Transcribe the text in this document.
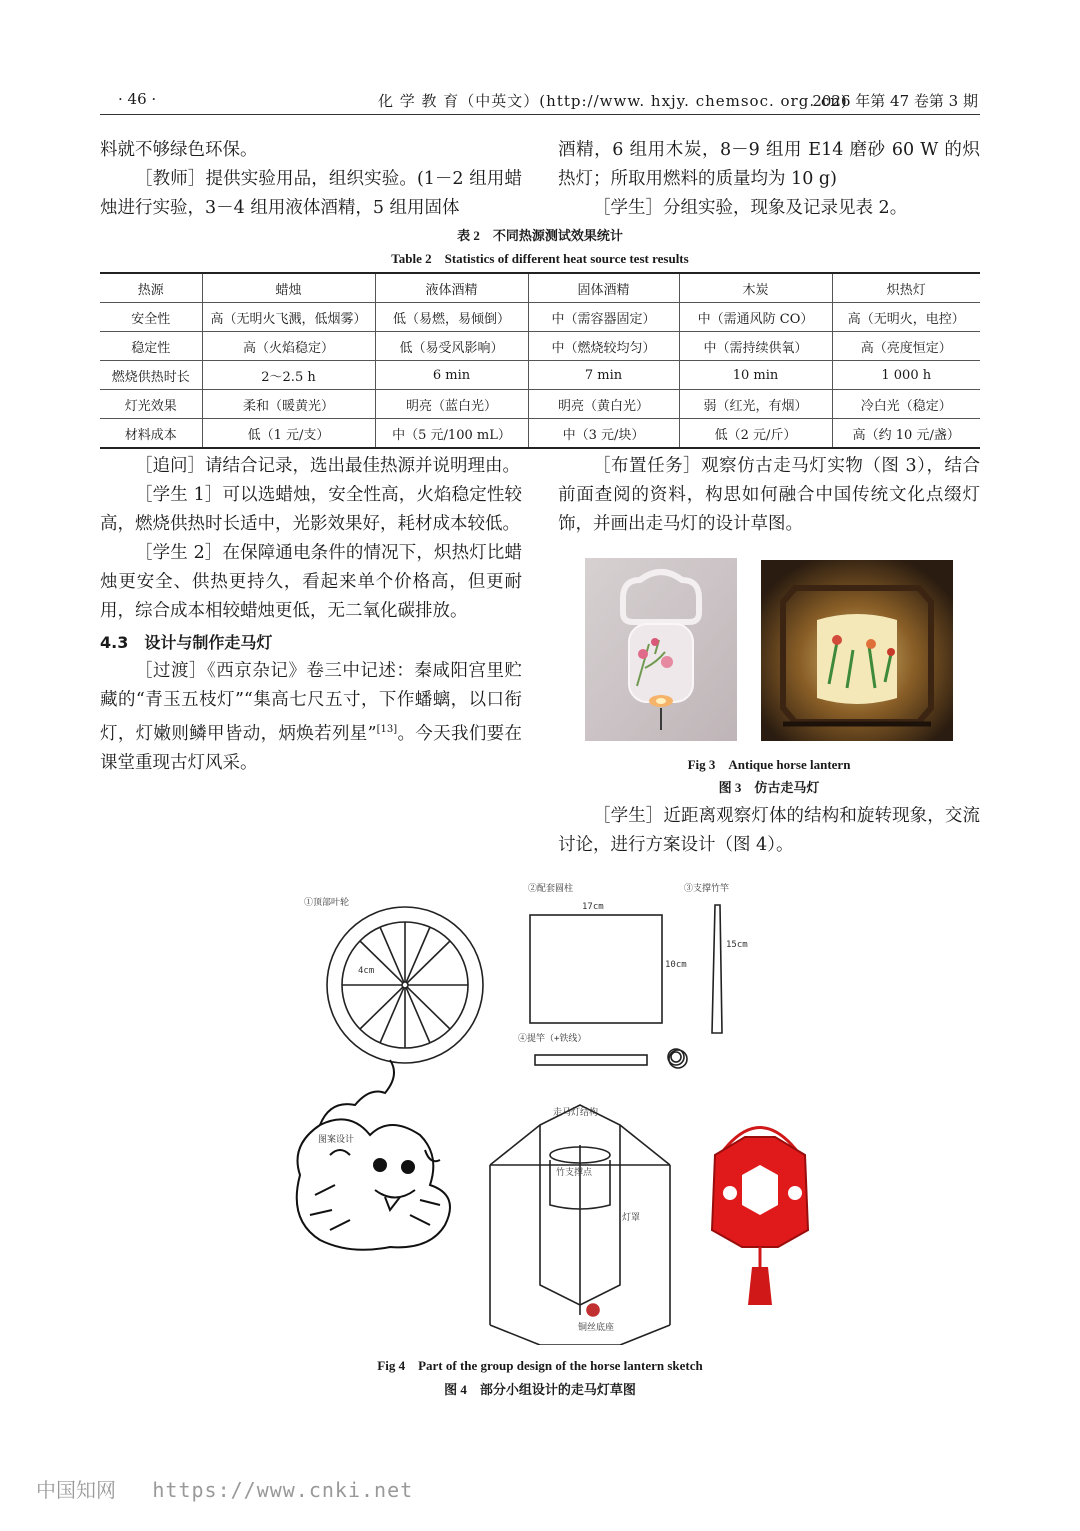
· 46 ·	化 学 教 育（中英文）(http://www. hxjy. chemsoc. org. cn)
2026 年第 47 卷第 3 期

料就不够绿色环保。

［教师］提供实验用品，组织实验。(1－2 组用蜡烛进行实验，3－4 组用液体酒精，5 组用固体

酒精，6 组用木炭，8－9 组用 E14 磨砂 60 W 的炽热灯；所取用燃料的质量均为 10 g)

［学生］分组实验，现象及记录见表 2。

表 2　不同热源测试效果统计
Table 2　Statistics of different heat source test results
热源	蜡烛	液体酒精	固体酒精	木炭	炽热灯
安全性	高（无明火飞溅，低烟雾）	低（易燃，易倾倒）	中（需容器固定）	中（需通风防 CO）	高（无明火，电控）
稳定性	高（火焰稳定）	低（易受风影响）	中（燃烧较均匀）	中（需持续供氧）	高（亮度恒定）
燃烧供热时长	2～2.5 h	6 min	7 min	10 min	1 000 h
灯光效果	柔和（暖黄光）	明亮（蓝白光）	明亮（黄白光）	弱（红光，有烟）	冷白光（稳定）
材料成本	低（1 元/支）	中（5 元/100 mL）	中（3 元/块）	低（2 元/斤）	高（约 10 元/盏）

［追问］请结合记录，选出最佳热源并说明理由。

［学生 1］可以选蜡烛，安全性高，火焰稳定性较高，燃烧供热时长适中，光影效果好，耗材成本较低。

［学生 2］在保障通电条件的情况下，炽热灯比蜡烛更安全、供热更持久，看起来单个价格高，但更耐用，综合成本相较蜡烛更低，无二氧化碳排放。

4.3　设计与制作走马灯

［过渡］《西京杂记》卷三中记述：秦咸阳宫里贮藏的“青玉五枝灯”“集高七尺五寸，下作蟠螭，以口衔灯，灯嫩则鳞甲皆动，炳焕若列星”[13]。今天我们要在课堂重现古灯风采。

［布置任务］观察仿古走马灯实物（图 3），结合前面查阅的资料，构思如何融合中国传统文化点缀灯饰，并画出走马灯的设计草图。

Fig 3　Antique horse lantern
图 3　仿古走马灯

［学生］近距离观察灯体的结构和旋转现象，交流讨论，进行方案设计（图 4）。

①顶部叶轮
4cm
②配套圆柱
17cm
10cm
③支撑竹竿
15cm
④提竿（+铁线）
图案设计
走马灯结构
竹支撑点
灯罩
铜丝底座
Fig 4　Part of the group design of the horse lantern sketch
图 4　部分小组设计的走马灯草图
中国知网 https://www.cnki.net
